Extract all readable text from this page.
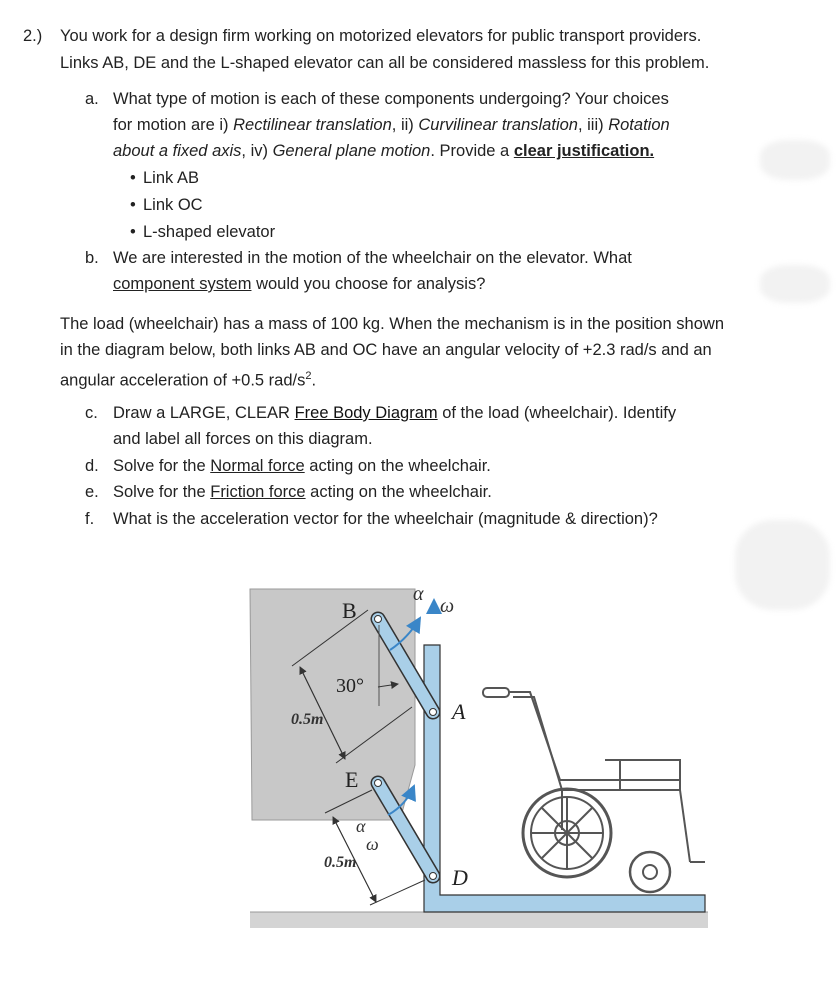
2.) You work for a design firm working on motorized elevators for public transport providers.
Links AB, DE and the L-shaped elevator can all be considered massless for this problem.
a. What type of motion is each of these components undergoing? Your choices
for motion are i) Rectilinear translation, ii) Curvilinear translation, iii) Rotation
about a fixed axis, iv) General plane motion. Provide a clear justification.
• Link AB
• Link OC
• L-shaped elevator
b. We are interested in the motion of the wheelchair on the elevator. What
component system would you choose for analysis?
The load (wheelchair) has a mass of 100 kg. When the mechanism is in the position shown
in the diagram below, both links AB and OC have an angular velocity of +2.3 rad/s and an
angular acceleration of +0.5 rad/$s^2$.
c. Draw a LARGE, CLEAR Free Body Diagram of the load (wheelchair). Identify
and label all forces on this diagram.
d. Solve for the Normal force acting on the wheelchair.
e. Solve for the Friction force acting on the wheelchair.
f. What is the acceleration vector for the wheelchair (magnitude & direction)?
B
α
ω
30°
A
0.5m
E
α
ω
0.5m
D
